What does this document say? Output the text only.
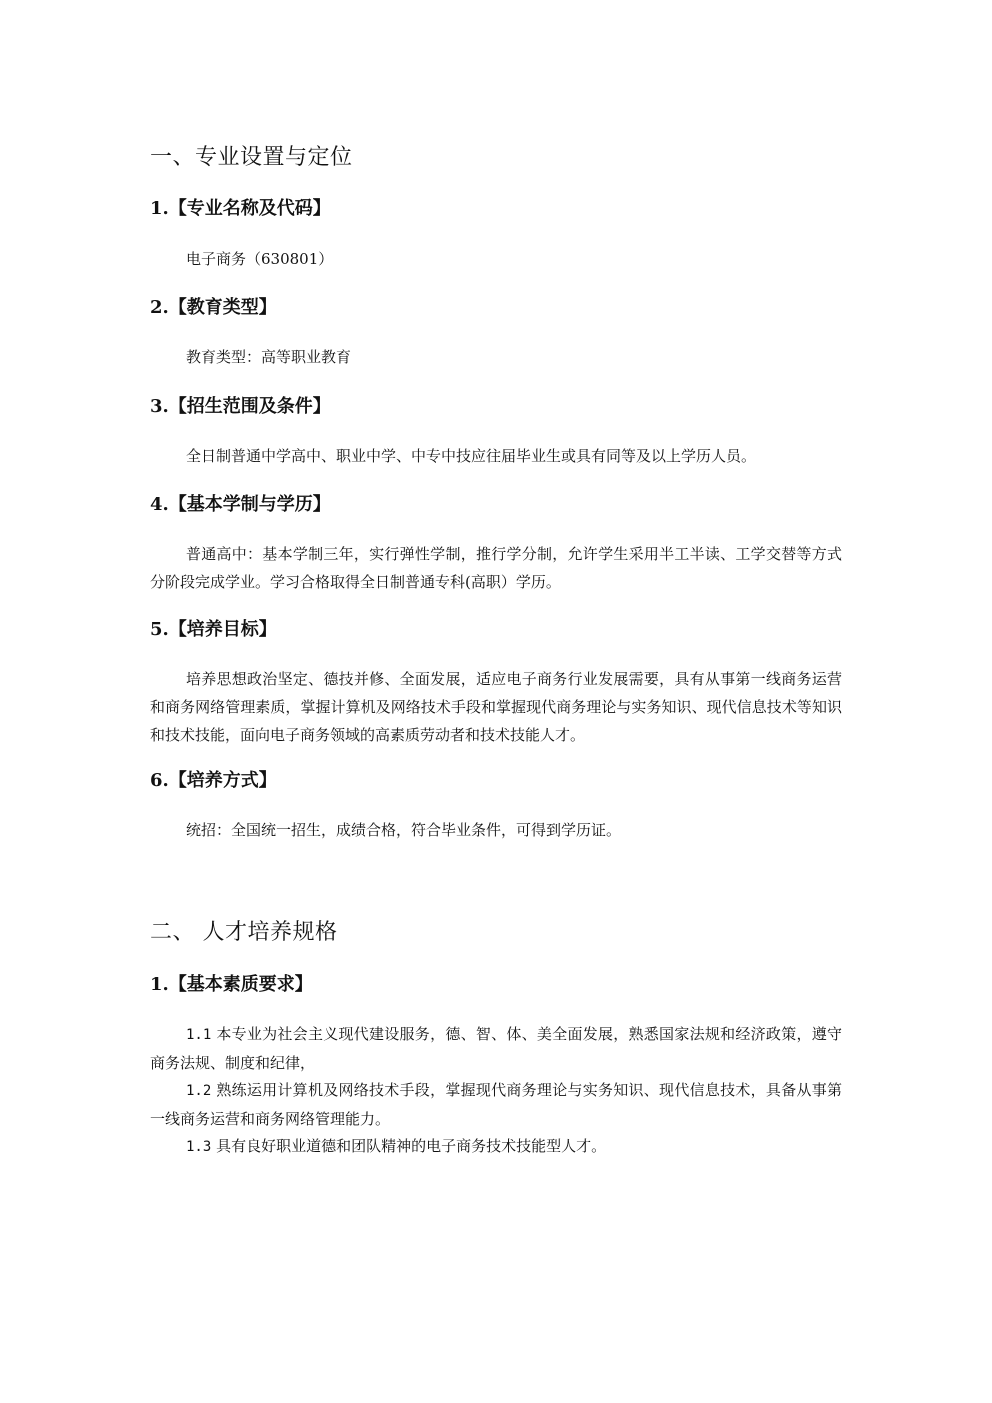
一、专业设置与定位
1.【专业名称及代码】

电子商务（630801）

2.【教育类型】

教育类型：高等职业教育

3.【招生范围及条件】

全日制普通中学高中、职业中学、中专中技应往届毕业生或具有同等及以上学历人员。

4.【基本学制与学历】

普通高中：基本学制三年，实行弹性学制，推行学分制，允许学生采用半工半读、工学交替等方式分阶段完成学业。学习合格取得全日制普通专科(高职）学历。

5.【培养目标】

培养思想政治坚定、德技并修、全面发展，适应电子商务行业发展需要，具有从事第一线商务运营和商务网络管理素质，掌握计算机及网络技术手段和掌握现代商务理论与实务知识、现代信息技术等知识和技术技能，面向电子商务领域的高素质劳动者和技术技能人才。

6.【培养方式】

统招：全国统一招生，成绩合格，符合毕业条件，可得到学历证。

二、 人才培养规格
1.【基本素质要求】

1.1 本专业为社会主义现代建设服务，德、智、体、美全面发展，熟悉国家法规和经济政策，遵守商务法规、制度和纪律，

1.2 熟练运用计算机及网络技术手段，掌握现代商务理论与实务知识、现代信息技术，具备从事第一线商务运营和商务网络管理能力。

1.3 具有良好职业道德和团队精神的电子商务技术技能型人才。
